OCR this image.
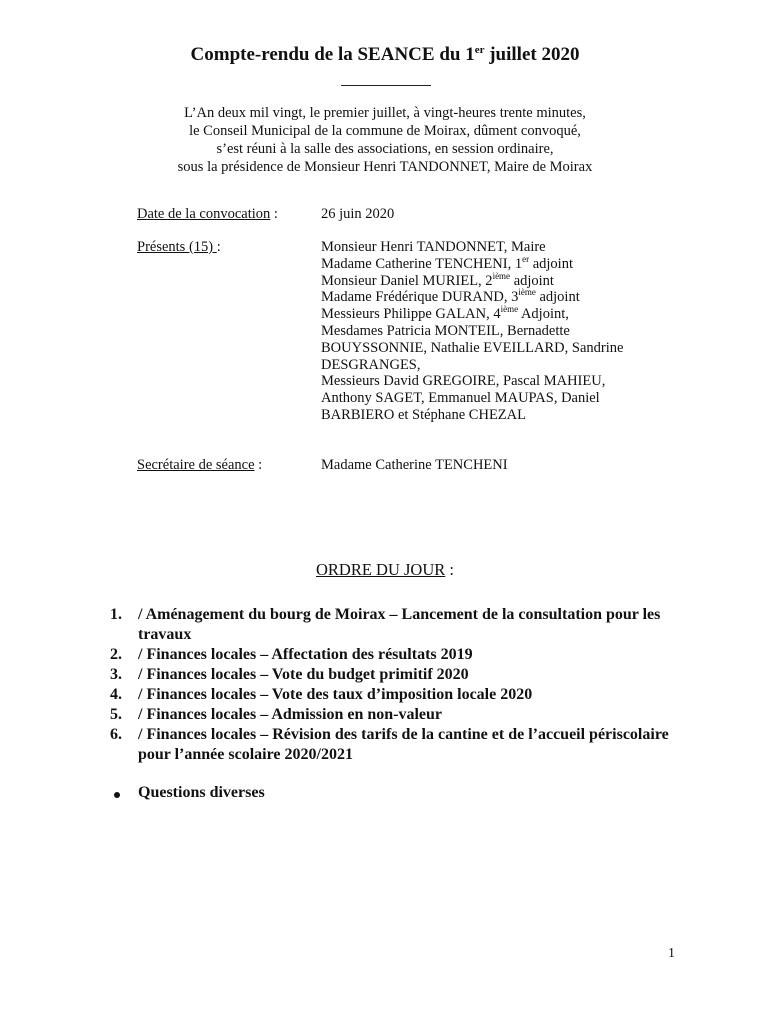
Compte-rendu de la SEANCE du 1er juillet 2020
L’An deux mil vingt, le premier juillet, à vingt-heures trente minutes,
le Conseil Municipal de la commune de Moirax, dûment convoqué,
s’est réuni à la salle des associations, en session ordinaire,
sous la présidence de Monsieur Henri TANDONNET, Maire de Moirax
Date de la convocation :	26 juin 2020
Présents (15) :	Monsieur Henri TANDONNET, Maire
Madame Catherine TENCHENI, 1er adjoint
Monsieur Daniel MURIEL, 2ième adjoint
Madame Frédérique DURAND, 3ième adjoint
Messieurs Philippe GALAN, 4ième Adjoint,
Mesdames Patricia MONTEIL, Bernadette
BOUYSSONNIE, Nathalie EVEILLARD, Sandrine
DESGRANGES,
Messieurs David GREGOIRE, Pascal MAHIEU,
Anthony SAGET, Emmanuel MAUPAS, Daniel
BARBIERO et Stéphane CHEZAL
Secrétaire de séance :	Madame Catherine TENCHENI
ORDRE DU JOUR :
1. / Aménagement du bourg de Moirax – Lancement de la consultation pour les travaux
2. / Finances locales – Affectation des résultats 2019
3. / Finances locales – Vote du budget primitif 2020
4. / Finances locales – Vote des taux d’imposition locale 2020
5. / Finances locales – Admission en non-valeur
6. / Finances locales – Révision des tarifs de la cantine et de l’accueil périscolaire pour l’année scolaire 2020/2021
Questions diverses
1
